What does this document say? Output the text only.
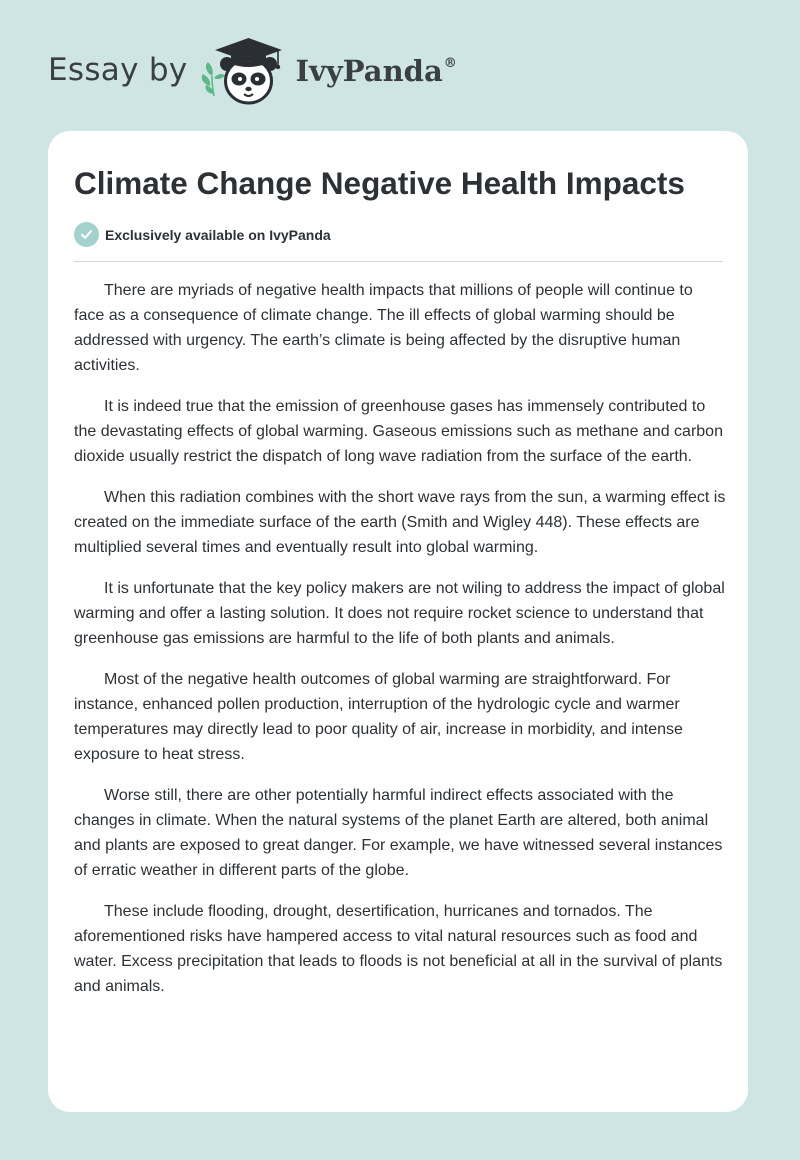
Essay by	IvyPanda®
Climate Change Negative Health Impacts
Exclusively available on IvyPanda

There are myriads of negative health impacts that millions of people will continue to face as a consequence of climate change. The ill effects of global warming should be addressed with urgency. The earth’s climate is being affected by the disruptive human activities.

It is indeed true that the emission of greenhouse gases has immensely contributed to the devastating effects of global warming. Gaseous emissions such as methane and carbon dioxide usually restrict the dispatch of long wave radiation from the surface of the earth.

When this radiation combines with the short wave rays from the sun, a warming effect is created on the immediate surface of the earth (Smith and Wigley 448). These effects are multiplied several times and eventually result into global warming.

It is unfortunate that the key policy makers are not wiling to address the impact of global warming and offer a lasting solution. It does not require rocket science to understand that greenhouse gas emissions are harmful to the life of both plants and animals.

Most of the negative health outcomes of global warming are straightforward. For instance, enhanced pollen production, interruption of the hydrologic cycle and warmer temperatures may directly lead to poor quality of air, increase in morbidity, and intense exposure to heat stress.

Worse still, there are other potentially harmful indirect effects associated with the changes in climate. When the natural systems of the planet Earth are altered, both animal and plants are exposed to great danger. For example, we have witnessed several instances of erratic weather in different parts of the globe.

These include flooding, drought, desertification, hurricanes and tornados. The aforementioned risks have hampered access to vital natural resources such as food and water. Excess precipitation that leads to floods is not beneficial at all in the survival of plants and animals.
